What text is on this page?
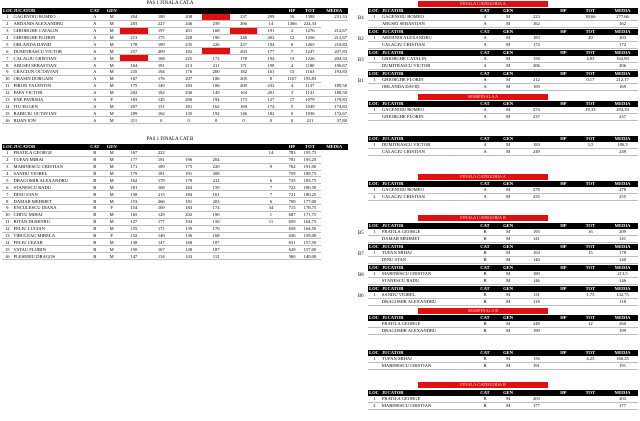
PAS 1 FINALA CAT.A
LOC	JUCATOR	CAT	GEN							HP	TOT	MEDIA
1	GAGENOIU ROMEO	A	M	204	188	208		237	299	16	1388	231,33
2	ARDANIS ALEXANDRU	A	M	203	227	246	239	266	14	1366	224,33	
3	GHIORGHE CATALIN	A	M		197	201	168		191	2	1276	212,67
4	GHIORGHE FLORIN	A	M	213	175	228	190	246	202	12	1256	212,67
5	ORLANDA DAVID	A	M	178	189	235	226	237	194	6	1265	210,83
6	DUMITRASCU VICTOR	A	M	257	209	182		203	177	7	1247	207,83
7	CALAGIU CRISTIAN	A	M		168	225	172	178	194	13	1226	204,33
8	ABUSEI SEBASTIAN	A	M	164	181	213	211	171	198	4	1180	196,67
9	CRACIUN OCTAVIAN	A	M	235	194	176	200	182	161	15	1163	193,83
10	ORASIN DORGAIN	A	M	167	176	207	186	205	8	1167	193,83	
11	PIRON VALENTIN	A	M	175	149	183	186	200	232	4	1137	189,50
12	PAPA VICTOR	A	M	202	182	230	149	164	201	3	1131	188,50
13	ENE PATRISIA	A	F	183	145	200	194	173	127	17	1079	179,83
14	ITU EUGEN	A	M	207	151	181	162	169	174	5	1049	174,83
15	BABICIU OCTAVIAN	A	M	209	162	135	192	146	182	0	1036	172,67
16	BIJAN ION	A	M	211	0	0	0	0	0	0	211	37,80
PAS 1 FINALA CAT.B
LOC	JUCATOR	CAT	GEN							HP	TOT	MEDIA
1	FRATILA GEORGE	B	M	167	222				14	783	195,75	
2	TUFAN MIHAI	B	M	177	191	196	204			781	195,25	
3	MARINESCU CRISTIAN	B	M	171	189	175	220		9	764	191,00	
4	SANDU VIOREL	B	M	179	181	191	208			759	189,75	
5	DRAGOMIR ALEXANDRU	B	M	162	178	179	212		6	735	183,75	
6	STANESCU RADU	B	M	181	168	184	159		7	722	180,50	
7	DINU STAN	B	M	158	215	184	161		7	721	180,25	
8	DAMAR MEHMET	B	M	153	266	181	203		6	708	177,00	
9	ENCULESCU DIANA	B	F	154	169	184	174		34	715	178,75	
10	CHITU MIHAI	B	M	165	129	202	190		1	687	171,75	
11	BITAN DUMITRU	B	M	127	177	194	150		11	659	164,75	
12	FELIU LUCIAN	B	M	155	171	139	170			658	164,50	
13	TIBULEAC MIRELA	B	F	152	140	136	168			636	159,00	
14	FELIU CEZAR	B	M	138	147	168	187			631	157,50	
15	VATAU FLORIN	B	M	150	167	148	187			628	157,00	
16	PLESERIU DRAGOS	B	M	147	134	143	112			560	140,00	
FINALA CATEGORIA A
LOC	JUCATOR	CAT	GEN		HP	TOT	MEDIA
1	GAGENOIU ROMEO	A	M	223		38,66	277,66
	ABUSEI SEBASTIAN	A	M	162			162
B4
LOC	JUCATOR	CAT	GEN		HP	TOT	MEDIA
1	ARDANIS ALEXANDRU	A	M	183		20	203
	CALAGIU CRISTIAN	A	M	172			172
B2
LOC	JUCATOR	CAT	GEN		HP	TOT	MEDIA
1	GHIORGHE CATALIN	A	M	158		4,83	162,83
	DUMITRASCU VICTOR	A	M	206			206
B3
LOC	JUCATOR	CAT	GEN		HP	TOT	MEDIA
1	GHIORGHE FLORIN	A	M	212		0,17	212,17
	ORLANDA DAVID	A	M	169			169
B1
SEMIFINALA A
LOC	JUCATOR	CAT	GEN		HP	TOT	MEDIA
1	GAGENOIU ROMEO	A	M	274		19,33	294,33
	GHIORGHE FLORIN	A	M	237			237
LOC	JUCATOR	CAT	GEN		HP	TOT	MEDIA
1	DUMITRASCU VICTOR	A	M	183		3,5	186,5
	CALAGIU CRISTIAN	A	M	249			249
FINALA CATEGORIA A
LOC	JUCATOR	CAT	GEN		HP	TOT	MEDIA
1	GAGENOIU ROMEO	A	M	278			278
2	CALAGIU CRISTIAN	A	M	255			255
FINALA CATEGORIA B
LOC	JUCATOR	CAT	GEN		HP	TOT	MEDIA
1	FRATILA GEORGE	B	M	193		16	209
	DAMAR MEHMET	B	M	141			141
B5
LOC	JUCATOR	CAT	GEN		HP	TOT	MEDIA
1	TUFAN MIHAI	B	M	163		15	178
	DINU STAN	B	M	140			140
B7
LOC	JUCATOR	CAT	GEN		HP	TOT	MEDIA
1	MARINESCU CRISTIAN	B	M	180			213,5
	STANESCU RADU	B	M	146			146
B8
LOC	JUCATOR	CAT	GEN		HP	TOT	MEDIA
1	SANDU VIOREL	B	M	131		1,75	132,75
	DRAGOMIR ALEXANDRU	B	M	118			118
B6
SEMIFINALA B
LOC	JUCATOR	CAT	GEN		HP	TOT	MEDIA
	FRATILA GEORGE	B	M	248		12	260
	DRAGOMIR ALEXANDRU	B	M	199			199
LOC	JUCATOR	CAT	GEN		HP	TOT	MEDIA
1	TUFAN MIHAI	B	M	156		4,25	160,25
	MARINESCU CRISTIAN	B	M	191			191
FINALA CATEGORIA B
LOC	JUCATOR	CAT	GEN		HP	TOT	MEDIA
1	FRATILA GEORGE	B	M	203			203
2	MARINESCU CRISTIAN	B	M	177			177
